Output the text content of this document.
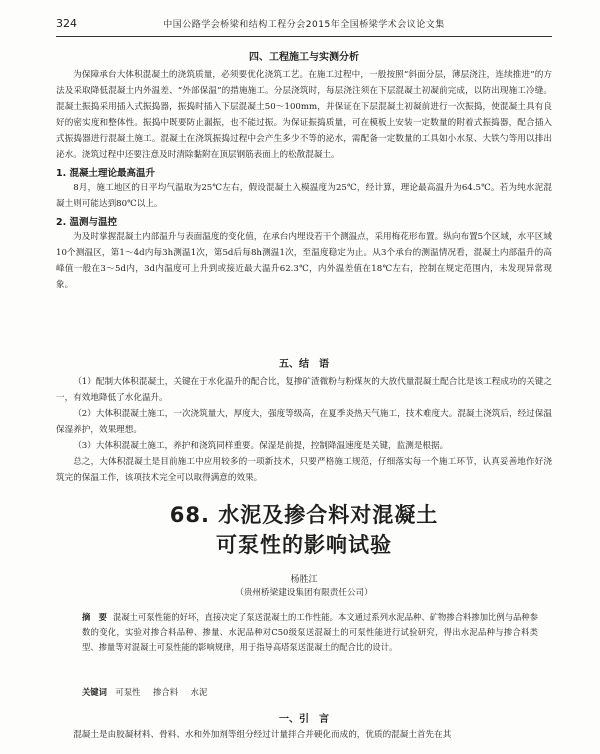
324	中国公路学会桥梁和结构工程分会2015年全国桥梁学术会议论文集
四、工程施工与实测分析

为保障承台大体积混凝土的浇筑质量，必须要优化浇筑工艺。在施工过程中，一般按照“斜面分层，薄层浇注，连续推进”的方法及采取降低混凝土内外温差、“外部保温”的措施施工。分层浇筑时，每层浇注须在下层混凝土初凝前完成，以防出现施工冷缝。混凝土振捣采用插入式振捣器，振捣时插入下层混凝土50～100mm，并保证在下层混凝土初凝前进行一次振捣，使混凝土具有良好的密实度和整体性。振捣中既要防止漏振，也不能过振。为保证振捣质量，可在模板上安装一定数量的附着式振捣器，配合插入式振捣器进行混凝土施工。混凝土在浇筑振捣过程中会产生多少不等的泌水，需配备一定数量的工具如小水泵、大铁勺等用以排出泌水。浇筑过程中还要注意及时清除黏附在顶层钢筋表面上的松散混凝土。

1. 混凝土理论最高温升

8月，施工地区的日平均气温取为25℃左右，假设混凝土入模温度为25℃，经计算，理论最高温升为64.5℃。若为纯水泥混凝土则可能达到80℃以上。

2. 温测与温控

为及时掌握混凝土内部温升与表面温度的变化值，在承台内埋设若干个测温点，采用梅花形布置。纵向布置5个区域，水平区域10个测温区，第1～4d内每3h测温1次，第5d后每8h测温1次，至温度稳定为止。从3个承台的测温情况看，混凝土内部温升的高峰值一般在3～5d内，3d内温度可上升到或接近最大温升62.3℃，内外温差值在18℃左右，控制在规定范围内，未发现异常现象。

五、结　语

（1）配制大体积混凝土，关键在于水化温升的配合比，复掺矿渣微粉与粉煤灰的大放代量混凝土配合比是该工程成功的关键之一，有效地降低了水化温升。

（2）大体积混凝土施工，一次浇筑量大，厚度大，强度等级高，在夏季炎热天气施工，技术难度大。混凝土浇筑后，经过保温保湿养护，效果理想。

（3）大体积混凝土施工，养护和浇筑同样重要。保湿是前提，控制降温速度是关键，监测是根据。

总之，大体积混凝土是目前施工中应用较多的一项新技术，只要严格施工规范，仔细落实每一个施工环节，认真妥善地作好浇筑完的保温工作，该项技术完全可以取得满意的效果。

68. 水泥及掺合料对混凝土
可泵性的影响试验
杨胜江
（贵州桥梁建设集团有限责任公司）
摘　要 混凝土可泵性能的好坏，直接决定了泵送混凝土的工作性能。本文通过系列水泥品种、矿物掺合料掺加比例与品种参数的变化，实验对掺合料品种、掺量、水泥品种对C50级泵送混凝土的可泵性能进行试验研究，得出水泥品种与掺合料类型、掺量等对混凝土可泵性能的影响规律，用于指导高塔泵送混凝土的配合比的设计。
关键词 可泵性 掺合料 水泥
一、引　言

混凝土是由胶凝材料、骨料、水和外加剂等组分经过计量拌合并硬化而成的，优质的混凝土首先在其
